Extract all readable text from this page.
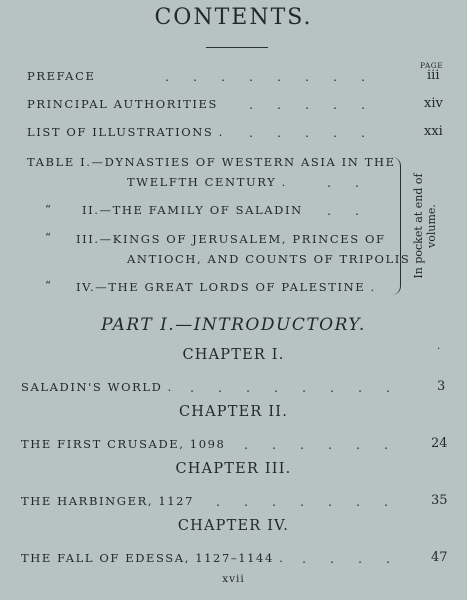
CONTENTS.
PAGE
PREFACE	. . . . . . . .	iii
PRINCIPAL AUTHORITIES	. . . . .	xiv
LIST OF ILLUSTRATIONS .	. . . . .	xxi
TABLE I.—DYNASTIES OF WESTERN ASIA IN THE
TWELFTH CENTURY .	. .
“	II.—THE FAMILY OF SALADIN	. .
“ III.—KINGS OF JERUSALEM, PRINCES OF
ANTIOCH, AND COUNTS OF TRIPOLIS
“ IV.—THE GREAT LORDS OF PALESTINE .
In pocket at end of volume.
PART I.—INTRODUCTORY.
CHAPTER I.	·
SALADIN'S WORLD .	. . . . . . . .	3
CHAPTER II.
THE FIRST CRUSADE, 1098	. . . . . .	24
CHAPTER III.
THE HARBINGER, 1127	. . . . . . .	35
CHAPTER IV.
THE FALL OF EDESSA, 1127–1144 .	. . . .	47
xvii
